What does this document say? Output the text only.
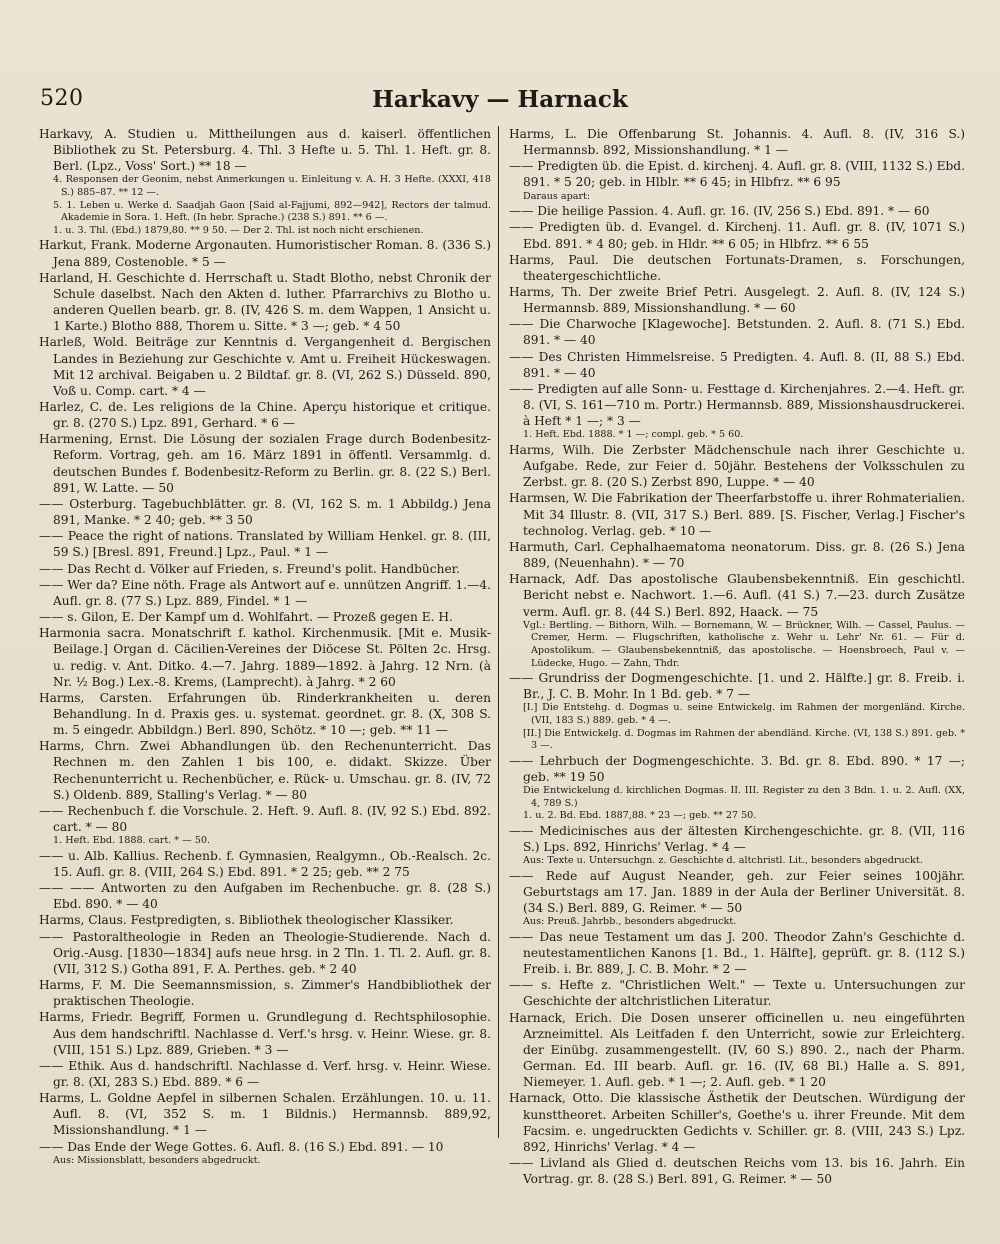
520	Harkavy — Harnack

Harkavy, A. Studien u. Mittheilungen aus d. kaiserl. öffentlichen Bibliothek zu St. Petersburg. 4. Thl. 3 Hefte u. 5. Thl. 1. Heft. gr. 8. Berl. (Lpz., Voss' Sort.) ** 18 —

4. Responsen der Geonim, nebst Anmerkungen u. Einleitung v. A. H. 3 Hefte. (XXXI, 418 S.) 885–87. ** 12 —.

5. 1. Leben u. Werke d. Saadjah Gaon [Said al-Fajjumi, 892—942], Rectors der talmud. Akademie in Sora. 1. Heft. (In hebr. Sprache.) (238 S.) 891. ** 6 —.

1. u. 3. Thl. (Ebd.) 1879,80. ** 9 50. — Der 2. Thl. ist noch nicht erschienen.

Harkut, Frank. Moderne Argonauten. Humoristischer Roman. 8. (336 S.) Jena 889, Costenoble. * 5 —

Harland, H. Geschichte d. Herrschaft u. Stadt Blotho, nebst Chronik der Schule daselbst. Nach den Akten d. luther. Pfarrarchivs zu Blotho u. anderen Quellen bearb. gr. 8. (IV, 426 S. m. dem Wappen, 1 Ansicht u. 1 Karte.) Blotho 888, Thorem u. Sitte. * 3 —; geb. * 4 50

Harleß, Wold. Beiträge zur Kenntnis d. Vergangenheit d. Bergischen Landes in Beziehung zur Geschichte v. Amt u. Freiheit Hückeswagen. Mit 12 archival. Beigaben u. 2 Bildtaf. gr. 8. (VI, 262 S.) Düsseld. 890, Voß u. Comp. cart. * 4 —

Harlez, C. de. Les religions de la Chine. Aperçu historique et critique. gr. 8. (270 S.) Lpz. 891, Gerhard. * 6 —

Harmening, Ernst. Die Lösung der sozialen Frage durch Bodenbesitz-Reform. Vortrag, geh. am 16. März 1891 in öffentl. Versammlg. d. deutschen Bundes f. Bodenbesitz-Reform zu Berlin. gr. 8. (22 S.) Berl. 891, W. Latte. — 50

—— Osterburg. Tagebuchblätter. gr. 8. (VI, 162 S. m. 1 Abbildg.) Jena 891, Manke. * 2 40; geb. ** 3 50

—— Peace the right of nations. Translated by William Henkel. gr. 8. (III, 59 S.) [Bresl. 891, Freund.] Lpz., Paul. * 1 —

—— Das Recht d. Völker auf Frieden, s. Freund's polit. Handbücher.

—— Wer da? Eine nöth. Frage als Antwort auf e. unnützen Angriff. 1.—4. Aufl. gr. 8. (77 S.) Lpz. 889, Findel. * 1 —

—— s. Gilon, E. Der Kampf um d. Wohlfahrt. — Prozeß gegen E. H.

Harmonia sacra. Monatschrift f. kathol. Kirchenmusik. [Mit e. Musik-Beilage.] Organ d. Cäcilien-Vereines der Diöcese St. Pölten 2c. Hrsg. u. redig. v. Ant. Ditko. 4.—7. Jahrg. 1889—1892. à Jahrg. 12 Nrn. (à Nr. ½ Bog.) Lex.-8. Krems, (Lamprecht). à Jahrg. * 2 60

Harms, Carsten. Erfahrungen üb. Rinderkrankheiten u. deren Behandlung. In d. Praxis ges. u. systemat. geordnet. gr. 8. (X, 308 S. m. 5 eingedr. Abbildgn.) Berl. 890, Schötz. * 10 —; geb. ** 11 —

Harms, Chrn. Zwei Abhandlungen üb. den Rechenunterricht. Das Rechnen m. den Zahlen 1 bis 100, e. didakt. Skizze. Über Rechenunterricht u. Rechenbücher, e. Rück- u. Umschau. gr. 8. (IV, 72 S.) Oldenb. 889, Stalling's Verlag. * — 80

—— Rechenbuch f. die Vorschule. 2. Heft. 9. Aufl. 8. (IV, 92 S.) Ebd. 892. cart. * — 80

1. Heft. Ebd. 1888. cart. * — 50.

—— u. Alb. Kallius. Rechenb. f. Gymnasien, Realgymn., Ob.-Realsch. 2c. 15. Aufl. gr. 8. (VIII, 264 S.) Ebd. 891. * 2 25; geb. ** 2 75

—— —— Antworten zu den Aufgaben im Rechenbuche. gr. 8. (28 S.) Ebd. 890. * — 40

Harms, Claus. Festpredigten, s. Bibliothek theologischer Klassiker.

—— Pastoraltheologie in Reden an Theologie-Studierende. Nach d. Orig.-Ausg. [1830—1834] aufs neue hrsg. in 2 Tln. 1. Tl. 2. Aufl. gr. 8. (VII, 312 S.) Gotha 891, F. A. Perthes. geb. * 2 40

Harms, F. M. Die Seemannsmission, s. Zimmer's Handbibliothek der praktischen Theologie.

Harms, Friedr. Begriff, Formen u. Grundlegung d. Rechtsphilosophie. Aus dem handschriftl. Nachlasse d. Verf.'s hrsg. v. Heinr. Wiese. gr. 8. (VIII, 151 S.) Lpz. 889, Grieben. * 3 —

—— Ethik. Aus d. handschriftl. Nachlasse d. Verf. hrsg. v. Heinr. Wiese. gr. 8. (XI, 283 S.) Ebd. 889. * 6 —

Harms, L. Goldne Aepfel in silbernen Schalen. Erzählungen. 10. u. 11. Aufl. 8. (VI, 352 S. m. 1 Bildnis.) Hermannsb. 889,92, Missionshandlung. * 1 —

—— Das Ende der Wege Gottes. 6. Aufl. 8. (16 S.) Ebd. 891. — 10

Aus: Missionsblatt, besonders abgedruckt.

Harms, L. Die Offenbarung St. Johannis. 4. Aufl. 8. (IV, 316 S.) Hermannsb. 892, Missionshandlung. * 1 —

—— Predigten üb. die Epist. d. kirchenj. 4. Aufl. gr. 8. (VIII, 1132 S.) Ebd. 891. * 5 20; geb. in Hlblr. ** 6 45; in Hlbfrz. ** 6 95

Daraus apart:

—— Die heilige Passion. 4. Aufl. gr. 16. (IV, 256 S.) Ebd. 891. * — 60

—— Predigten üb. d. Evangel. d. Kirchenj. 11. Aufl. gr. 8. (IV, 1071 S.) Ebd. 891. * 4 80; geb. in Hldr. ** 6 05; in Hlbfrz. ** 6 55

Harms, Paul. Die deutschen Fortunats-Dramen, s. Forschungen, theatergeschichtliche.

Harms, Th. Der zweite Brief Petri. Ausgelegt. 2. Aufl. 8. (IV, 124 S.) Hermannsb. 889, Missionshandlung. * — 60

—— Die Charwoche [Klagewoche]. Betstunden. 2. Aufl. 8. (71 S.) Ebd. 891. * — 40

—— Des Christen Himmelsreise. 5 Predigten. 4. Aufl. 8. (II, 88 S.) Ebd. 891. * — 40

—— Predigten auf alle Sonn- u. Festtage d. Kirchenjahres. 2.—4. Heft. gr. 8. (VI, S. 161—710 m. Portr.) Hermannsb. 889, Missionshausdruckerei. à Heft * 1 —; * 3 —

1. Heft. Ebd. 1888. * 1 —; compl. geb. * 5 60.

Harms, Wilh. Die Zerbster Mädchenschule nach ihrer Geschichte u. Aufgabe. Rede, zur Feier d. 50jähr. Bestehens der Volksschulen zu Zerbst. gr. 8. (20 S.) Zerbst 890, Luppe. * — 40

Harmsen, W. Die Fabrikation der Theerfarbstoffe u. ihrer Rohmaterialien. Mit 34 Illustr. 8. (VII, 317 S.) Berl. 889. [S. Fischer, Verlag.] Fischer's technolog. Verlag. geb. * 10 —

Harmuth, Carl. Cephalhaematoma neonatorum. Diss. gr. 8. (26 S.) Jena 889, (Neuenhahn). * — 70

Harnack, Adf. Das apostolische Glaubensbekenntniß. Ein geschichtl. Bericht nebst e. Nachwort. 1.—6. Aufl. (41 S.) 7.—23. durch Zusätze verm. Aufl. gr. 8. (44 S.) Berl. 892, Haack. — 75

Vgl.: Bertling. — Bithorn, Wilh. — Bornemann, W. — Brückner, Wilh. — Cassel, Paulus. — Cremer, Herm. — Flugschriften, katholische z. Wehr u. Lehr' Nr. 61. — Für d. Apostolikum. — Glaubensbekenntniß, das apostolische. — Hoensbroech, Paul v. — Lüdecke, Hugo. — Zahn, Thdr.

—— Grundriss der Dogmengeschichte. [1. und 2. Hälfte.] gr. 8. Freib. i. Br., J. C. B. Mohr. In 1 Bd. geb. * 7 —

[I.] Die Entstehg. d. Dogmas u. seine Entwickelg. im Rahmen der morgenländ. Kirche. (VII, 183 S.) 889. geb. * 4 —.

[II.] Die Entwickelg. d. Dogmas im Rahmen der abendländ. Kirche. (VI, 138 S.) 891. geb. * 3 —.

—— Lehrbuch der Dogmengeschichte. 3. Bd. gr. 8. Ebd. 890. * 17 —; geb. ** 19 50

Die Entwickelung d. kirchlichen Dogmas. II. III. Register zu den 3 Bdn. 1. u. 2. Aufl. (XX, 4, 789 S.)

1. u. 2. Bd. Ebd. 1887,88. * 23 —; geb. ** 27 50.

—— Medicinisches aus der ältesten Kirchengeschichte. gr. 8. (VII, 116 S.) Lps. 892, Hinrichs' Verlag. * 4 —

Aus: Texte u. Untersuchgn. z. Geschichte d. altchristl. Lit., besonders abgedruckt.

—— Rede auf August Neander, geh. zur Feier seines 100jähr. Geburtstags am 17. Jan. 1889 in der Aula der Berliner Universität. 8. (34 S.) Berl. 889, G. Reimer. * — 50

Aus: Preuß. Jahrbb., besonders abgedruckt.

—— Das neue Testament um das J. 200. Theodor Zahn's Geschichte d. neutestamentlichen Kanons [1. Bd., 1. Hälfte], geprüft. gr. 8. (112 S.) Freib. i. Br. 889, J. C. B. Mohr. * 2 —

—— s. Hefte z. "Christlichen Welt." — Texte u. Untersuchungen zur Geschichte der altchristlichen Literatur.

Harnack, Erich. Die Dosen unserer officinellen u. neu eingeführten Arzneimittel. Als Leitfaden f. den Unterricht, sowie zur Erleichterg. der Einübg. zusammengestellt. (IV, 60 S.) 890. 2., nach der Pharm. German. Ed. III bearb. Aufl. gr. 16. (IV, 68 Bl.) Halle a. S. 891, Niemeyer. 1. Aufl. geb. * 1 —; 2. Aufl. geb. * 1 20

Harnack, Otto. Die klassische Ästhetik der Deutschen. Würdigung der kunsttheoret. Arbeiten Schiller's, Goethe's u. ihrer Freunde. Mit dem Facsim. e. ungedruckten Gedichts v. Schiller. gr. 8. (VIII, 243 S.) Lpz. 892, Hinrichs' Verlag. * 4 —

—— Livland als Glied d. deutschen Reichs vom 13. bis 16. Jahrh. Ein Vortrag. gr. 8. (28 S.) Berl. 891, G. Reimer. * — 50
